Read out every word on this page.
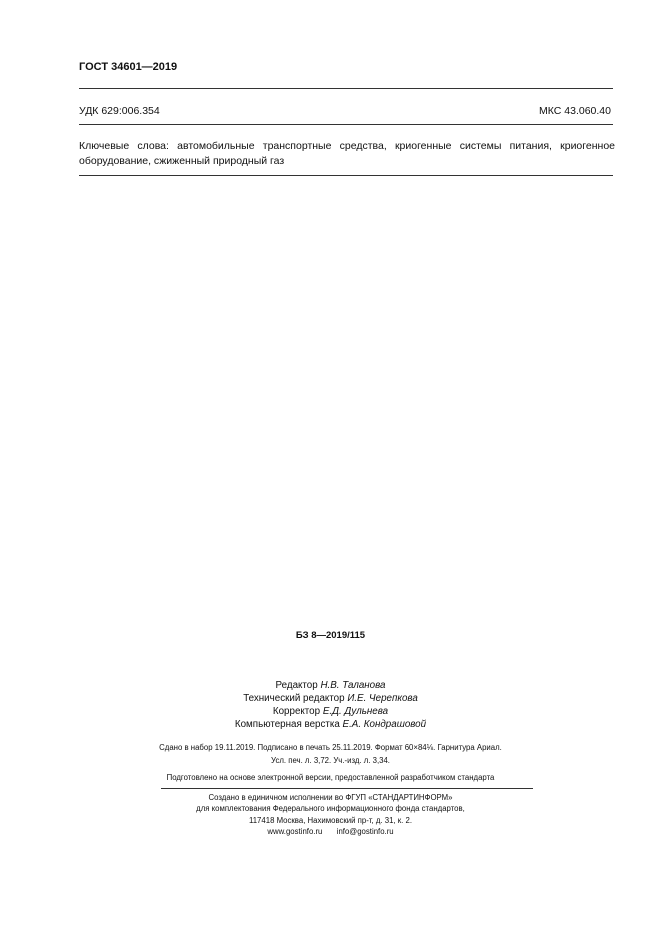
ГОСТ 34601—2019
УДК 629:006.354	МКС 43.060.40
Ключевые слова: автомобильные транспортные средства, криогенные системы питания, криогенное оборудование, сжиженный природный газ
БЗ 8—2019/115
Редактор Н.В. Таланова
Технический редактор И.Е. Черепкова
Корректор Е.Д. Дульнева
Компьютерная верстка Е.А. Кондрашовой
Сдано в набор 19.11.2019. Подписано в печать 25.11.2019. Формат 60×84⅛. Гарнитура Ариал.
Усл. печ. л. 3,72. Уч.-изд. л. 3,34.
Подготовлено на основе электронной версии, предоставленной разработчиком стандарта
Создано в единичном исполнении во ФГУП «СТАНДАРТИНФОРМ»
для комплектования Федерального информационного фонда стандартов,
117418 Москва, Нахимовский пр-т, д. 31, к. 2.
www.gostinfo.ru info@gostinfo.ru
